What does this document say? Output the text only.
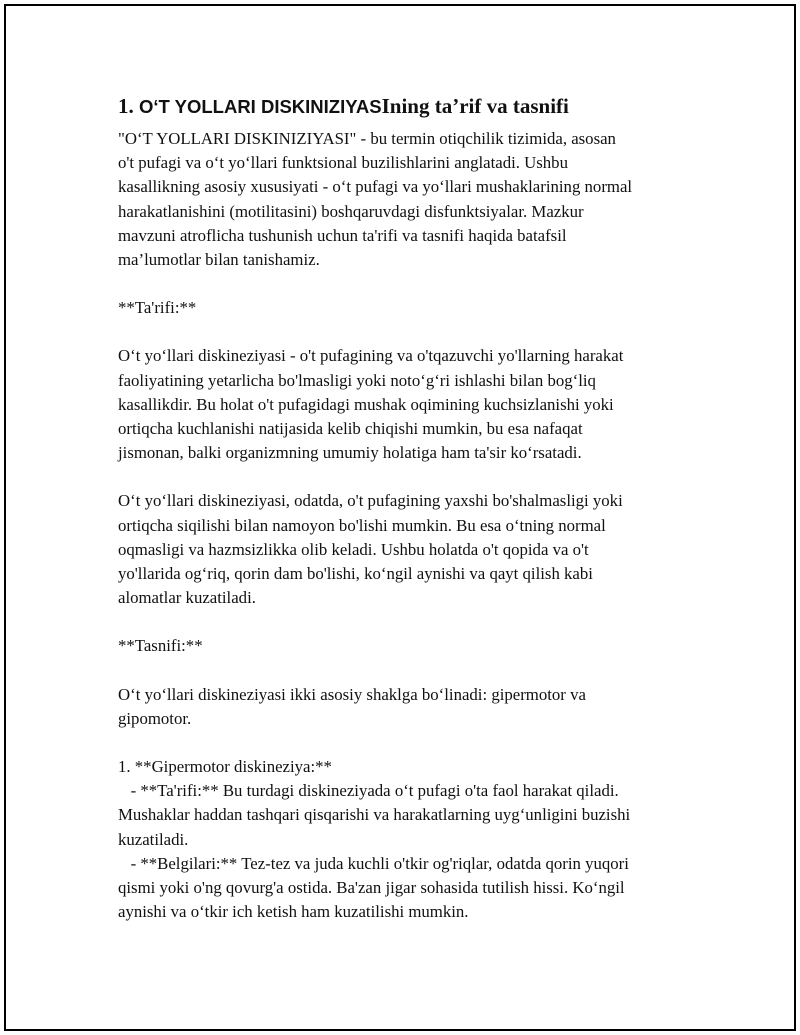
1. O‘T YOLLARI DISKINIZIYASIning ta’rif va tasnifi

"O‘T YOLLARI DISKINIZIYASI" - bu termin otiqchilik tizimida, asosan
o't pufagi va o‘t yo‘llari funktsional buzilishlarini anglatadi. Ushbu
kasallikning asosiy xususiyati - o‘t pufagi va yo‘llari mushaklarining normal
harakatlanishini (motilitasini) boshqaruvdagi disfunktsiyalar. Mazkur
mavzuni atroflicha tushunish uchun ta'rifi va tasnifi haqida batafsil
ma’lumotlar bilan tanishamiz.

**Ta'rifi:**

O‘t yo‘llari diskineziyasi - o't pufagining va o'tqazuvchi yo'llarning harakat
faoliyatining yetarlicha bo'lmasligi yoki noto‘g‘ri ishlashi bilan bog‘liq
kasallikdir. Bu holat o't pufagidagi mushak oqimining kuchsizlanishi yoki
ortiqcha kuchlanishi natijasida kelib chiqishi mumkin, bu esa nafaqat
jismonan, balki organizmning umumiy holatiga ham ta'sir ko‘rsatadi.

O‘t yo‘llari diskineziyasi, odatda, o't pufagining yaxshi bo'shalmasligi yoki
ortiqcha siqilishi bilan namoyon bo'lishi mumkin. Bu esa o‘tning normal
oqmasligi va hazmsizlikka olib keladi. Ushbu holatda o't qopida va o't
yo'llarida og‘riq, qorin dam bo'lishi, ko‘ngil aynishi va qayt qilish kabi
alomatlar kuzatiladi.

**Tasnifi:**

O‘t yo‘llari diskineziyasi ikki asosiy shaklga bo‘linadi: gipermotor va
gipomotor.

1. **Gipermotor diskineziya:**
- **Ta'rifi:** Bu turdagi diskineziyada o‘t pufagi o'ta faol harakat qiladi.
Mushaklar haddan tashqari qisqarishi va harakatlarning uyg‘unligini buzishi
kuzatiladi.
- **Belgilari:** Tez-tez va juda kuchli o'tkir og'riqlar, odatda qorin yuqori
qismi yoki o'ng qovurg'a ostida. Ba'zan jigar sohasida tutilish hissi. Ko‘ngil
aynishi va o‘tkir ich ketish ham kuzatilishi mumkin.
